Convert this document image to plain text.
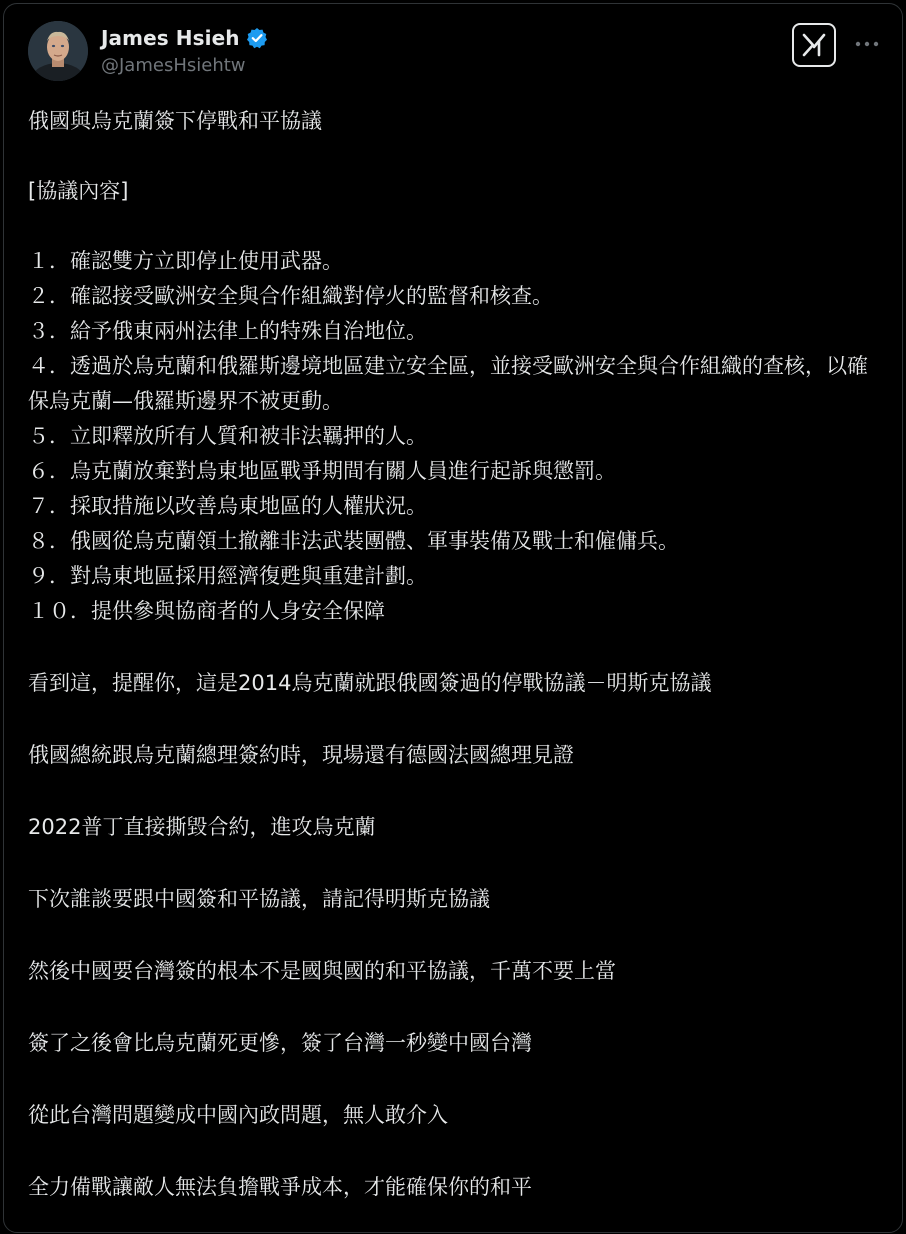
James Hsieh
@JamesHsiehtw

俄國與烏克蘭簽下停戰和平協議

[協議內容]

１．確認雙方立即停止使用武器。

２．確認接受歐洲安全與合作組織對停火的監督和核查。

３．給予俄東兩州法律上的特殊自治地位。

４．透過於烏克蘭和俄羅斯邊境地區建立安全區，並接受歐洲安全與合作組織的查核，以確保烏克蘭—俄羅斯邊界不被更動。

５．立即釋放所有人質和被非法羈押的人。

６．烏克蘭放棄對烏東地區戰爭期間有關人員進行起訴與懲罰。

７．採取措施以改善烏東地區的人權狀況。

８．俄國從烏克蘭領土撤離非法武裝團體、軍事裝備及戰士和僱傭兵。

９．對烏東地區採用經濟復甦與重建計劃。

１０．提供參與協商者的人身安全保障

看到這，提醒你，這是2014烏克蘭就跟俄國簽過的停戰協議－明斯克協議

俄國總統跟烏克蘭總理簽約時，現場還有德國法國總理見證

2022普丁直接撕毀合約，進攻烏克蘭

下次誰談要跟中國簽和平協議，請記得明斯克協議

然後中國要台灣簽的根本不是國與國的和平協議，千萬不要上當

簽了之後會比烏克蘭死更慘，簽了台灣一秒變中國台灣

從此台灣問題變成中國內政問題，無人敢介入

全力備戰讓敵人無法負擔戰爭成本，才能確保你的和平
